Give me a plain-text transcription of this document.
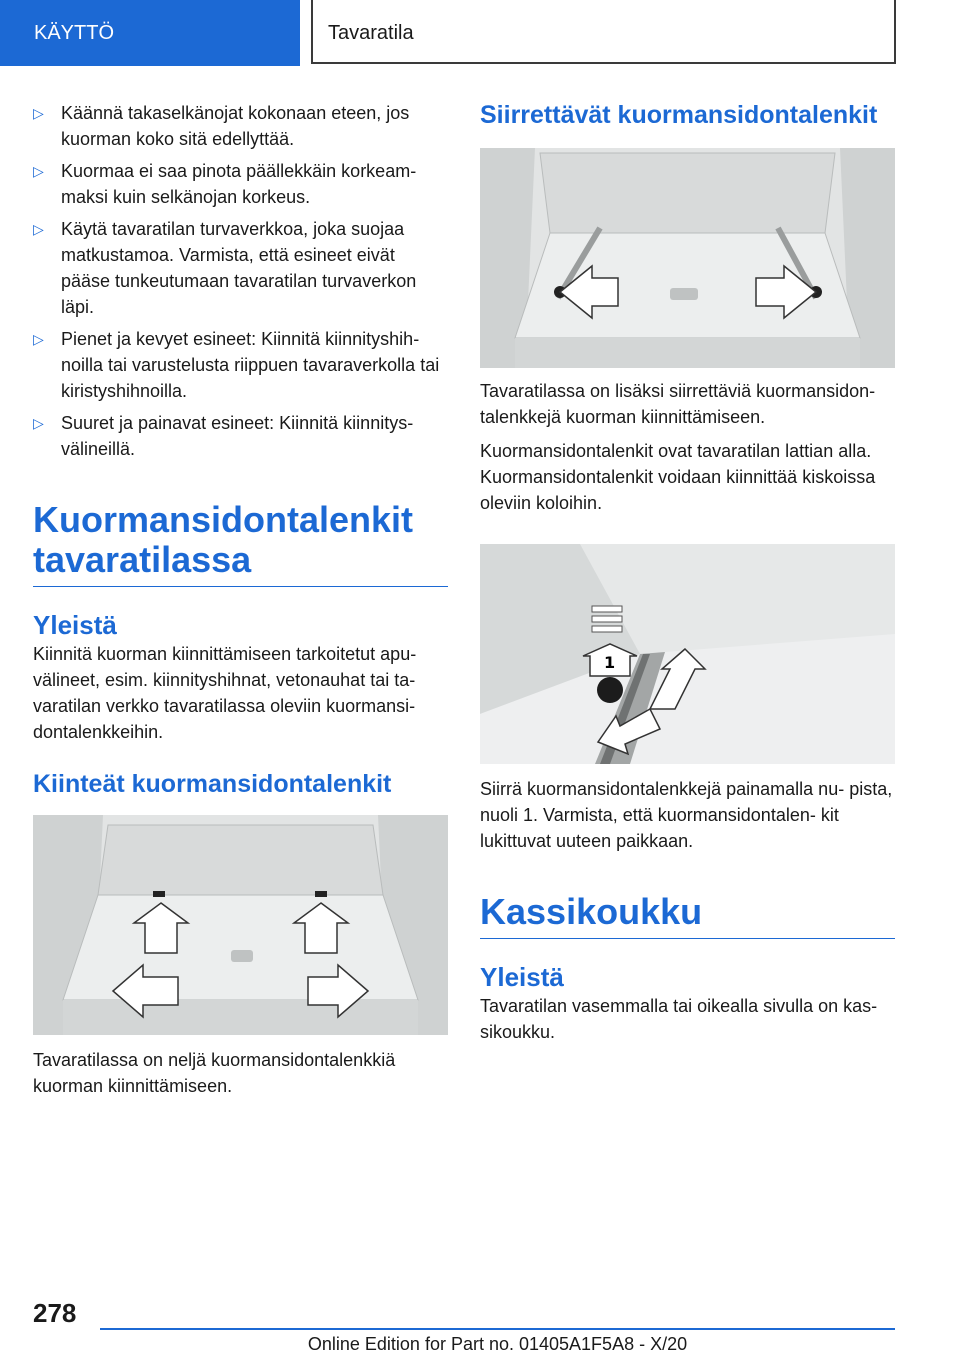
KÄYTTÖ	Tavaratila
▷ Käännä takaselkänojat kokonaan eteen, jos kuorman koko sitä edellyttää.
▷ Kuormaa ei saa pinota päällekkäin korkeam‐ maksi kuin selkänojan korkeus.
▷ Käytä tavaratilan turvaverkkoa, joka suojaa matkustamoa. Varmista, että esineet eivät pääse tunkeutumaan tavaratilan turvaverkon läpi.
▷ Pienet ja kevyet esineet: Kiinnitä kiinnityshih‐ noilla tai varustelusta riippuen tavaraverkolla tai kiristyshihnoilla.
▷ Suuret ja painavat esineet: Kiinnitä kiinnitys‐ välineillä.
Kuormansidontalenkit tavaratilassa
Yleistä

Kiinnitä kuorman kiinnittämiseen tarkoitetut apu‐ välineet, esim. kiinnityshihnat, vetonauhat tai ta‐ varatilan verkko tavaratilassa oleviin kuormansi‐ dontalenkkeihin.

Kiinteät kuormansidontalenkit

Tavaratilassa on neljä kuormansidontalenkkiä kuorman kiinnittämiseen.

Siirrettävät kuormansidontalenkit

Tavaratilassa on lisäksi siirrettäviä kuormansidon‐ talenkkejä kuorman kiinnittämiseen.

Kuormansidontalenkit ovat tavaratilan lattian alla. Kuormansidontalenkit voidaan kiinnittää kiskoissa oleviin koloihin.

1

Siirrä kuormansidontalenkkejä painamalla nu‐ pista, nuoli 1. Varmista, että kuormansidontalen‐ kit lukittuvat uuteen paikkaan.

Kassikoukku
Yleistä

Tavaratilan vasemmalla tai oikealla sivulla on kas‐ sikoukku.

278
Online Edition for Part no. 01405A1F5A8 - X/20
